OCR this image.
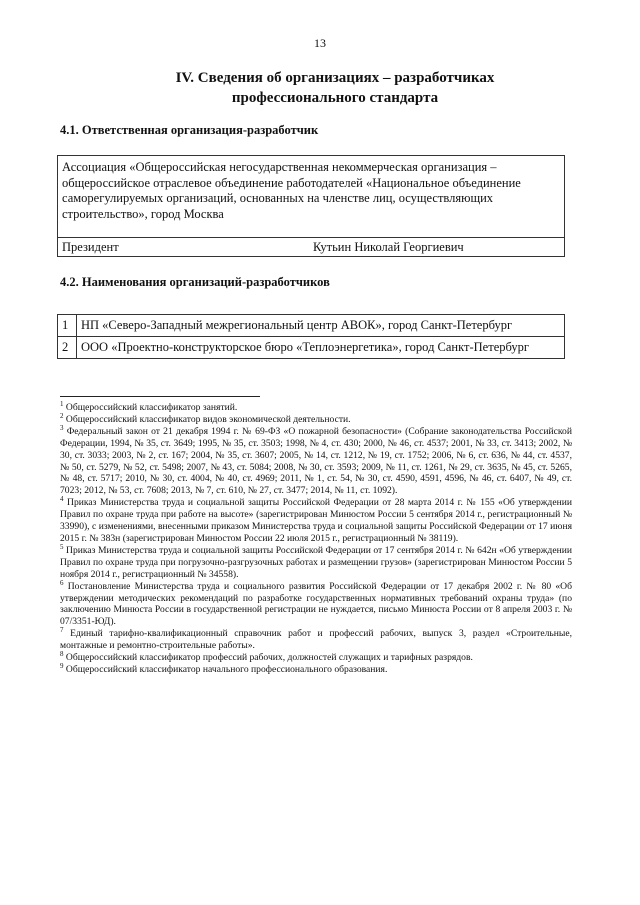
13
IV. Сведения об организациях – разработчиках
профессионального стандарта
4.1. Ответственная организация-разработчик
Ассоциация «Общероссийская негосударственная некоммерческая организация – общероссийское отраслевое объединение работодателей «Национальное объединение саморегулируемых организаций, основанных на членстве лиц, осуществляющих строительство», город Москва
Президент	Кутьин Николай Георгиевич
4.2. Наименования организаций-разработчиков
1	НП «Северо-Западный межрегиональный центр АВОК», город Санкт-Петербург
2	ООО «Проектно-конструкторское бюро «Теплоэнергетика», город Санкт-Петербург

$^1$ Общероссийский классификатор занятий.

$^2$ Общероссийский классификатор видов экономической деятельности.

$^3$ Федеральный закон от 21 декабря 1994 г. № 69-ФЗ «О пожарной безопасности» (Собрание законодательства Российской Федерации, 1994, № 35, ст. 3649; 1995, № 35, ст. 3503; 1998, № 4, ст. 430; 2000, № 46, ст. 4537; 2001, № 33, ст. 3413; 2002, № 30, ст. 3033; 2003, № 2, ст. 167; 2004, № 35, ст. 3607; 2005, № 14, ст. 1212, № 19, ст. 1752; 2006, № 6, ст. 636, № 44, ст. 4537, № 50, ст. 5279, № 52, ст. 5498; 2007, № 43, ст. 5084; 2008, № 30, ст. 3593; 2009, № 11, ст. 1261, № 29, ст. 3635, № 45, ст. 5265, № 48, ст. 5717; 2010, № 30, ст. 4004, № 40, ст. 4969; 2011, № 1, ст. 54, № 30, ст. 4590, 4591, 4596, № 46, ст. 6407, № 49, ст. 7023; 2012, № 53, ст. 7608; 2013, № 7, ст. 610, № 27, ст. 3477; 2014, № 11, ст. 1092).

$^4$ Приказ Министерства труда и социальной защиты Российской Федерации от 28 марта 2014 г. № 155 «Об утверждении Правил по охране труда при работе на высоте» (зарегистрирован Минюстом России 5 сентября 2014 г., регистрационный № 33990), с изменениями, внесенными приказом Министерства труда и социальной защиты Российской Федерации от 17 июня 2015 г. № 383н (зарегистрирован Минюстом России 22 июля 2015 г., регистрационный № 38119).

$^5$ Приказ Министерства труда и социальной защиты Российской Федерации от 17 сентября 2014 г. № 642н «Об утверждении Правил по охране труда при погрузочно-разгрузочных работах и размещении грузов» (зарегистрирован Минюстом России 5 ноября 2014 г., регистрационный № 34558).

$^6$ Постановление Министерства труда и социального развития Российской Федерации от 17 декабря 2002 г. № 80 «Об утверждении методических рекомендаций по разработке государственных нормативных требований охраны труда» (по заключению Минюста России в государственной регистрации не нуждается, письмо Минюста России от 8 апреля 2003 г. № 07/3351-ЮД).

$^7$ Единый тарифно-квалификационный справочник работ и профессий рабочих, выпуск 3, раздел «Строительные, монтажные и ремонтно-строительные работы».

$^8$ Общероссийский классификатор профессий рабочих, должностей служащих и тарифных разрядов.

$^9$ Общероссийский классификатор начального профессионального образования.
